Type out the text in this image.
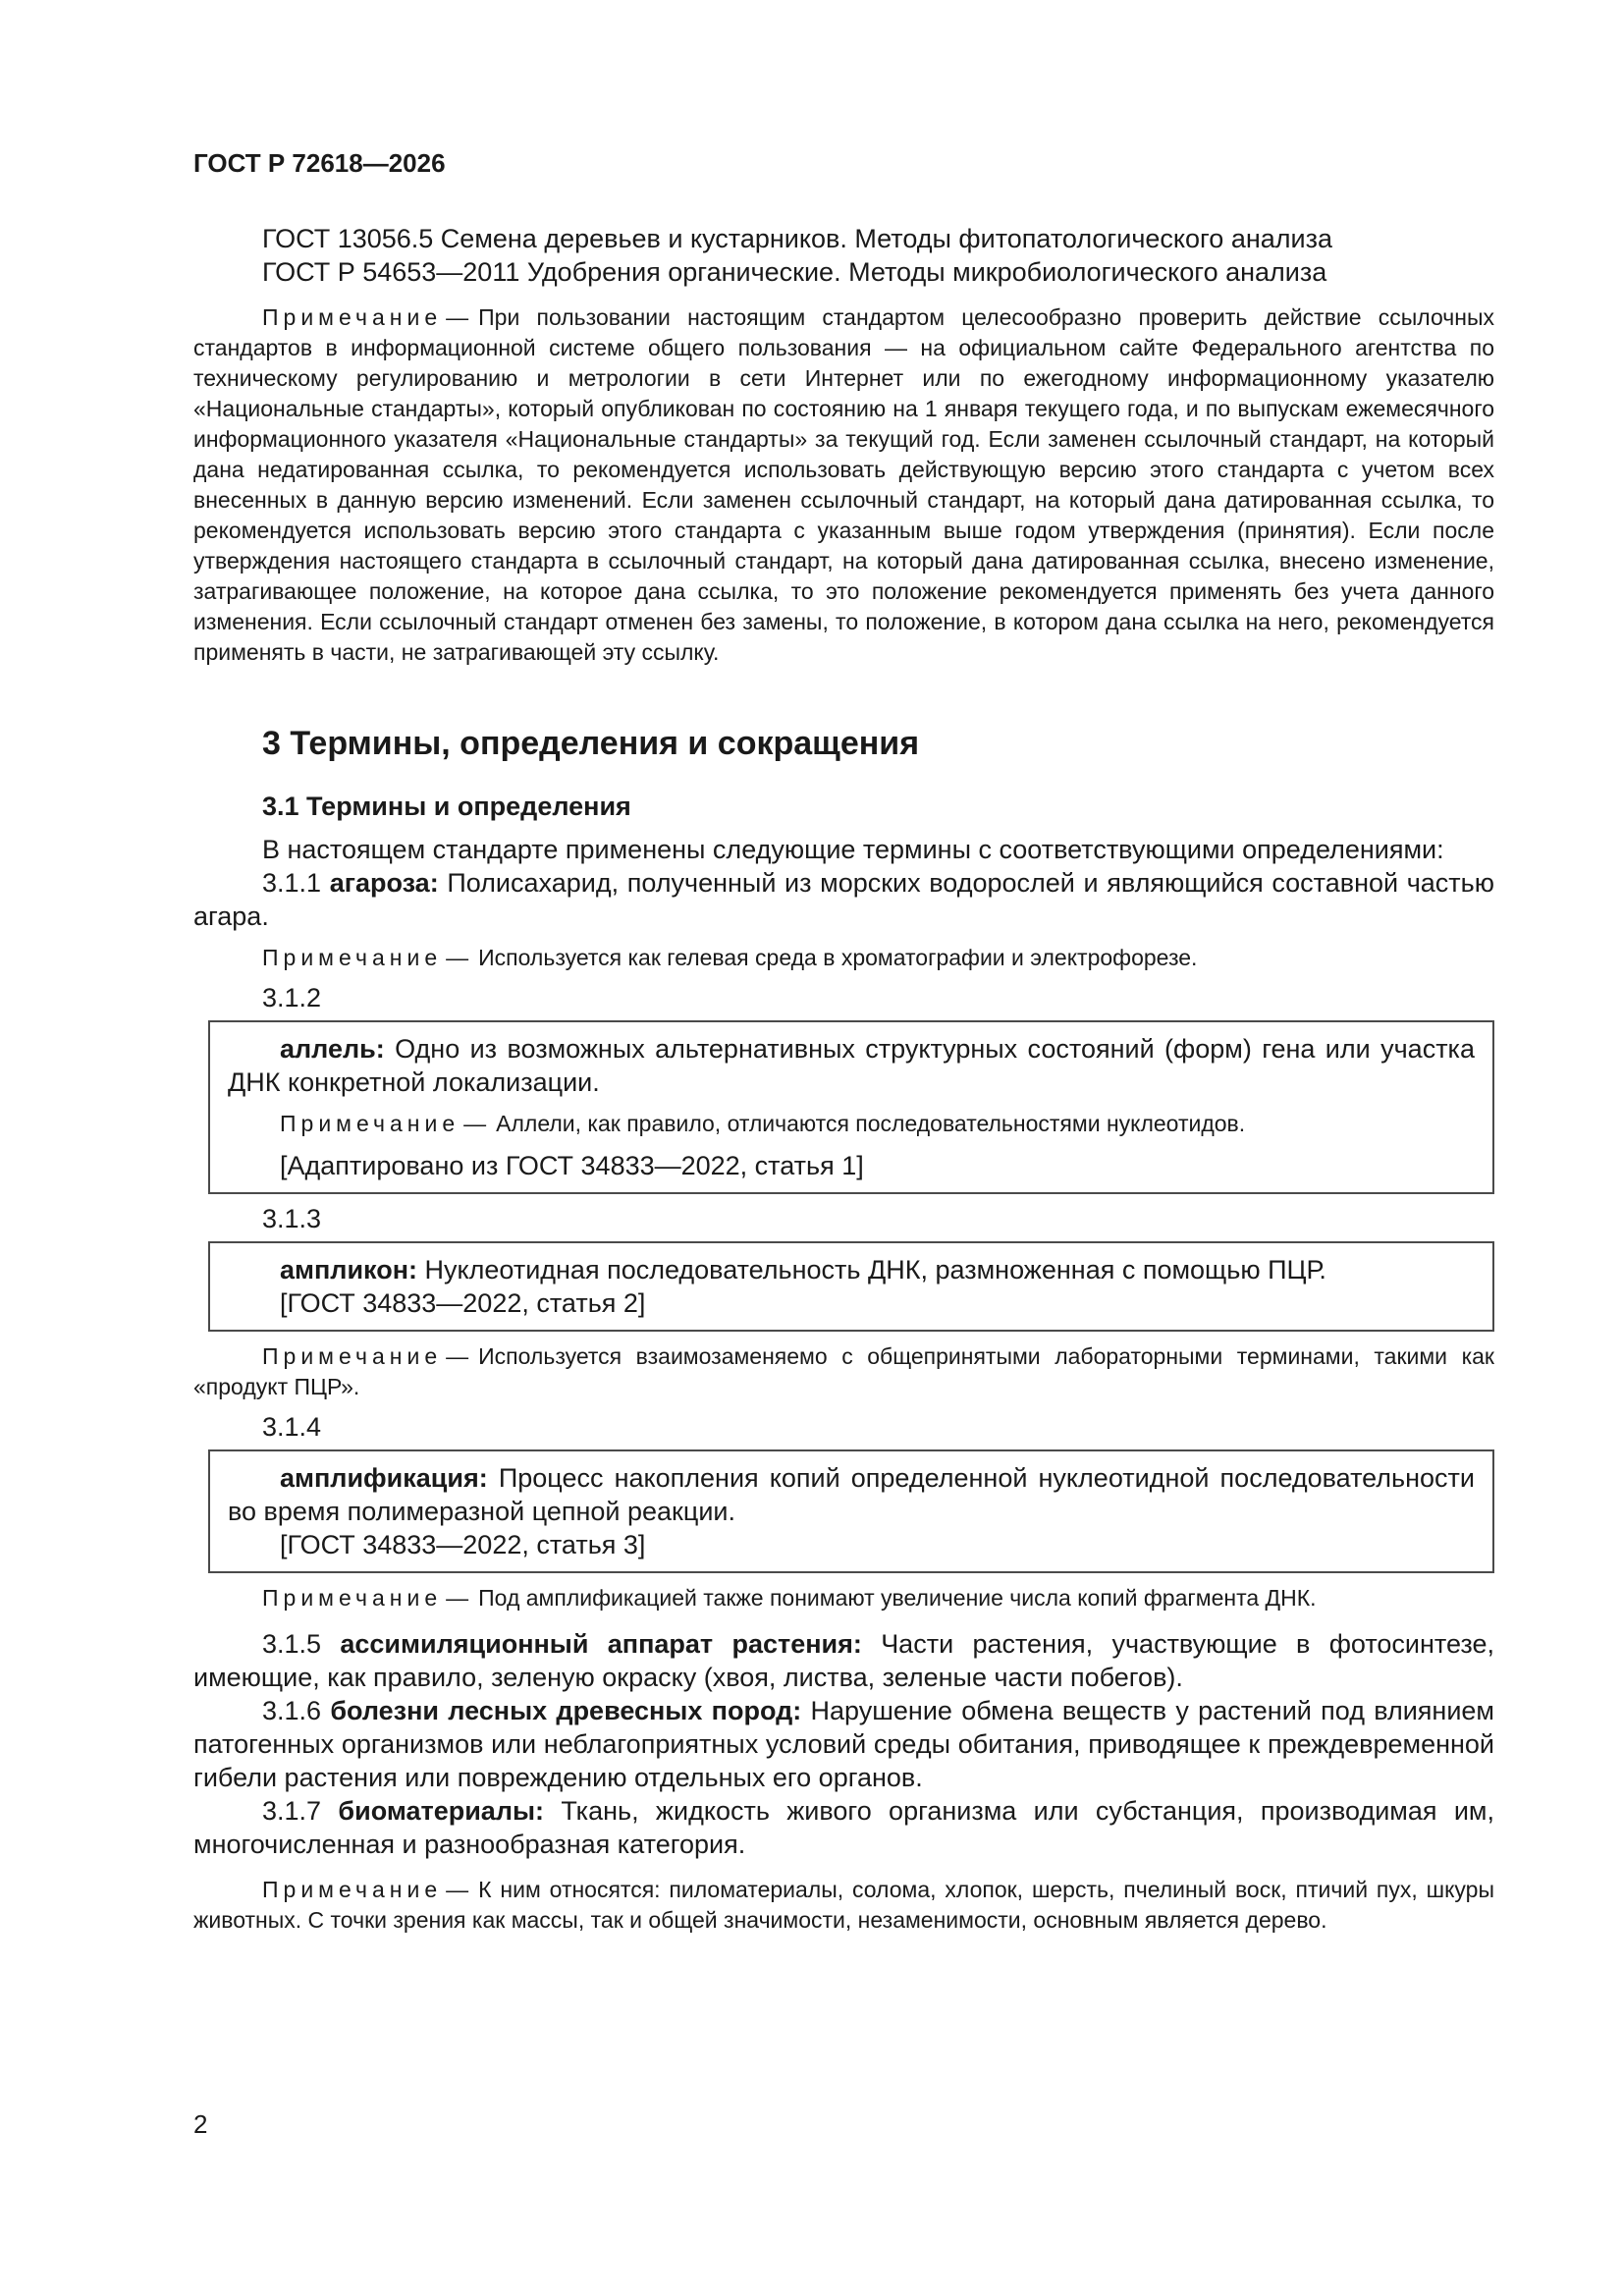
ГОСТ Р 72618—2026

ГОСТ 13056.5 Семена деревьев и кустарников. Методы фитопатологического анализа

ГОСТ Р 54653—2011 Удобрения органические. Методы микробиологического анализа

Примечание — При пользовании настоящим стандартом целесообразно проверить действие ссылочных стандартов в информационной системе общего пользования — на официальном сайте Федерального агентства по техническому регулированию и метрологии в сети Интернет или по ежегодному информационному указателю «Национальные стандарты», который опубликован по состоянию на 1 января текущего года, и по выпускам ежемесячного информационного указателя «Национальные стандарты» за текущий год. Если заменен ссылочный стандарт, на который дана недатированная ссылка, то рекомендуется использовать действующую версию этого стандарта с учетом всех внесенных в данную версию изменений. Если заменен ссылочный стандарт, на который дана датированная ссылка, то рекомендуется использовать версию этого стандарта с указанным выше годом утверждения (принятия). Если после утверждения настоящего стандарта в ссылочный стандарт, на который дана датированная ссылка, внесено изменение, затрагивающее положение, на которое дана ссылка, то это положение рекомендуется применять без учета данного изменения. Если ссылочный стандарт отменен без замены, то положение, в котором дана ссылка на него, рекомендуется применять в части, не затрагивающей эту ссылку.

3 Термины, определения и сокращения
3.1 Термины и определения

В настоящем стандарте применены следующие термины с соответствующими определениями:

3.1.1 агароза: Полисахарид, полученный из морских водорослей и являющийся составной частью агара.

Примечание — Используется как гелевая среда в хроматографии и электрофорезе.

3.1.2

аллель: Одно из возможных альтернативных структурных состояний (форм) гена или участка ДНК конкретной локализации.

Примечание — Аллели, как правило, отличаются последовательностями нуклеотидов.

[Адаптировано из ГОСТ 34833—2022, статья 1]

3.1.3

ампликон: Нуклеотидная последовательность ДНК, размноженная с помощью ПЦР.

[ГОСТ 34833—2022, статья 2]

Примечание — Используется взаимозаменяемо с общепринятыми лабораторными терминами, такими как «продукт ПЦР».

3.1.4

амплификация: Процесс накопления копий определенной нуклеотидной последовательности во время полимеразной цепной реакции.

[ГОСТ 34833—2022, статья 3]

Примечание — Под амплификацией также понимают увеличение числа копий фрагмента ДНК.

3.1.5 ассимиляционный аппарат растения: Части растения, участвующие в фотосинтезе, имеющие, как правило, зеленую окраску (хвоя, листва, зеленые части побегов).

3.1.6 болезни лесных древесных пород: Нарушение обмена веществ у растений под влиянием патогенных организмов или неблагоприятных условий среды обитания, приводящее к преждевременной гибели растения или повреждению отдельных его органов.

3.1.7 биоматериалы: Ткань, жидкость живого организма или субстанция, производимая им, многочисленная и разнообразная категория.

Примечание — К ним относятся: пиломатериалы, солома, хлопок, шерсть, пчелиный воск, птичий пух, шкуры животных. С точки зрения как массы, так и общей значимости, незаменимости, основным является дерево.

2
